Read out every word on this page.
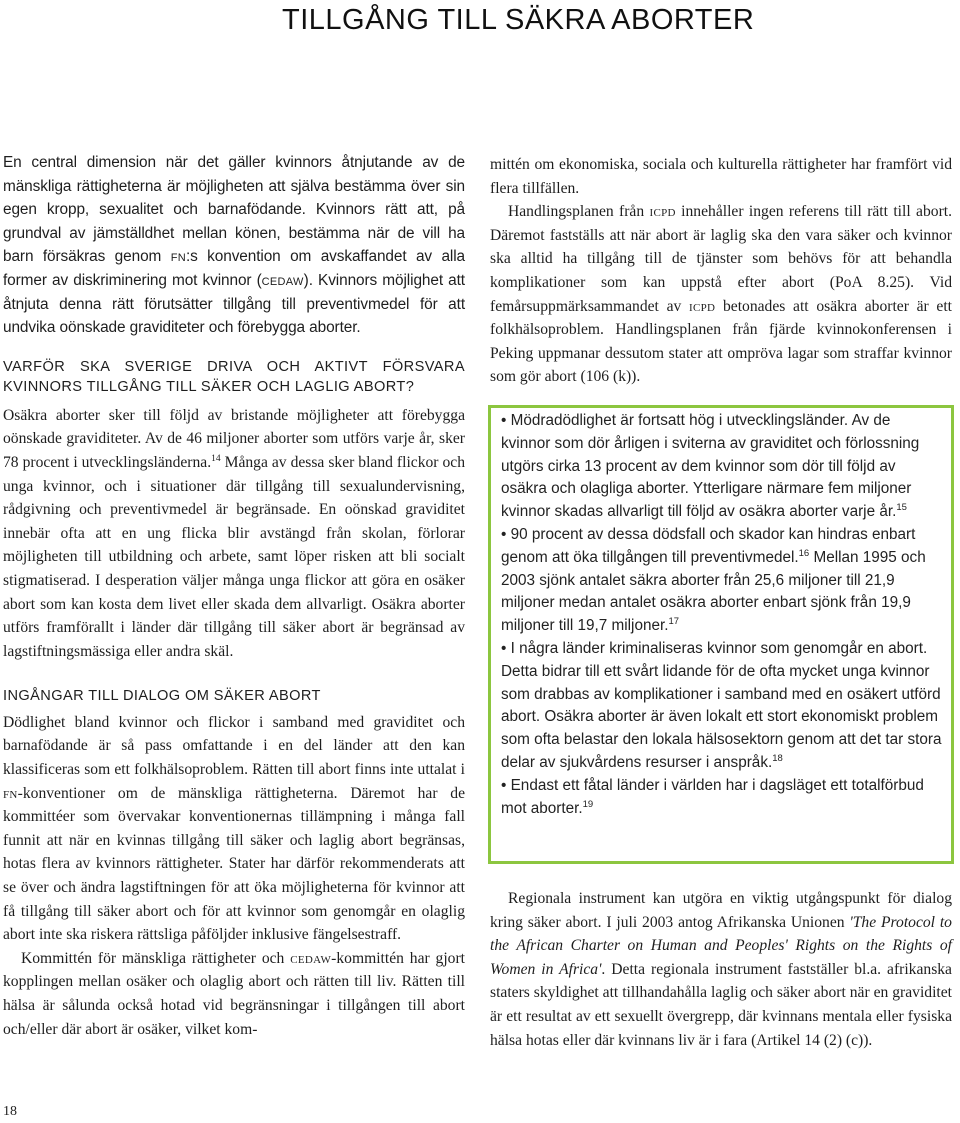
TILLGÅNG TILL SÄKRA ABORTER

En central dimension när det gäller kvinnors åtnjutande av de mänskliga rättigheterna är möjligheten att själva bestämma över sin egen kropp, sexualitet och barnafödande. Kvinnors rätt att, på grundval av jämställdhet mellan könen, bestämma när de vill ha barn försäkras genom fn:s konvention om avskaffandet av alla former av diskriminering mot kvinnor (cedaw). Kvinnors möjlighet att åtnjuta denna rätt förutsätter tillgång till preventivmedel för att undvika oönskade graviditeter och förebygga aborter.

VARFÖR SKA SVERIGE DRIVA OCH AKTIVT FÖRSVARA KVINNORS TILLGÅNG TILL SÄKER OCH LAGLIG ABORT?

Osäkra aborter sker till följd av bristande möjligheter att förebygga oönskade graviditeter. Av de 46 miljoner aborter som utförs varje år, sker 78 procent i utvecklingsländerna.$^{14}$ Många av dessa sker bland flickor och unga kvinnor, och i situationer där tillgång till sexualundervisning, rådgivning och preventivmedel är begränsade. En oönskad graviditet innebär ofta att en ung flicka blir avstängd från skolan, förlorar möjligheten till utbildning och arbete, samt löper risken att bli socialt stigmatiserad. I desperation väljer många unga flickor att göra en osäker abort som kan kosta dem livet eller skada dem allvarligt. Osäkra aborter utförs framförallt i länder där tillgång till säker abort är begränsad av lagstiftningsmässiga eller andra skäl.

INGÅNGAR TILL DIALOG OM SÄKER ABORT

Dödlighet bland kvinnor och flickor i samband med graviditet och barnafödande är så pass omfattande i en del länder att den kan klassificeras som ett folkhälsoproblem. Rätten till abort finns inte uttalat i fn-konventioner om de mänskliga rättigheterna. Däremot har de kommittéer som övervakar konventionernas tillämpning i många fall funnit att när en kvinnas tillgång till säker och laglig abort begränsas, hotas flera av kvinnors rättigheter. Stater har därför rekommenderats att se över och ändra lagstiftningen för att öka möjligheterna för kvinnor att få tillgång till säker abort och för att kvinnor som genomgår en olaglig abort inte ska riskera rättsliga påföljder inklusive fängelsestraff.

Kommittén för mänskliga rättigheter och cedaw-kommittén har gjort kopplingen mellan osäker och olaglig abort och rätten till liv. Rätten till hälsa är sålunda också hotad vid begränsningar i tillgången till abort och/eller där abort är osäker, vilket kom-

mittén om ekonomiska, sociala och kulturella rättigheter har framfört vid flera tillfällen.

Handlingsplanen från icpd innehåller ingen referens till rätt till abort. Däremot fastställs att när abort är laglig ska den vara säker och kvinnor ska alltid ha tillgång till de tjänster som behövs för att behandla komplikationer som kan uppstå efter abort (PoA 8.25). Vid femårsuppmärksammandet av icpd betonades att osäkra aborter är ett folkhälsoproblem. Handlingsplanen från fjärde kvinnokonferensen i Peking uppmanar dessutom stater att ompröva lagar som straffar kvinnor som gör abort (106 (k)).

• Mödradödlighet är fortsatt hög i utvecklingsländer. Av de kvinnor som dör årligen i sviterna av graviditet och förlossning utgörs cirka 13 procent av dem kvinnor som dör till följd av osäkra och olagliga aborter. Ytterligare närmare fem miljoner kvinnor skadas allvarligt till följd av osäkra aborter varje år.$^{15}$

• 90 procent av dessa dödsfall och skador kan hindras enbart genom att öka tillgången till preventivmedel.$^{16}$ Mellan 1995 och 2003 sjönk antalet säkra aborter från 25,6 miljoner till 21,9 miljoner medan antalet osäkra aborter enbart sjönk från 19,9 miljoner till 19,7 miljoner.$^{17}$

• I några länder kriminaliseras kvinnor som genomgår en abort. Detta bidrar till ett svårt lidande för de ofta mycket unga kvinnor som drabbas av komplikationer i samband med en osäkert utförd abort. Osäkra aborter är även lokalt ett stort ekonomiskt problem som ofta belastar den lokala hälsosektorn genom att det tar stora delar av sjukvårdens resurser i anspråk.$^{18}$

• Endast ett fåtal länder i världen har i dagsläget ett totalförbud mot aborter.$^{19}$

Regionala instrument kan utgöra en viktig utgångspunkt för dialog kring säker abort. I juli 2003 antog Afrikanska Unionen 'The Protocol to the African Charter on Human and Peoples' Rights on the Rights of Women in Africa'. Detta regionala instrument fastställer bl.a. afrikanska staters skyldighet att tillhandahålla laglig och säker abort när en graviditet är ett resultat av ett sexuellt övergrepp, där kvinnans mentala eller fysiska hälsa hotas eller där kvinnans liv är i fara (Artikel 14 (2) (c)).

18
